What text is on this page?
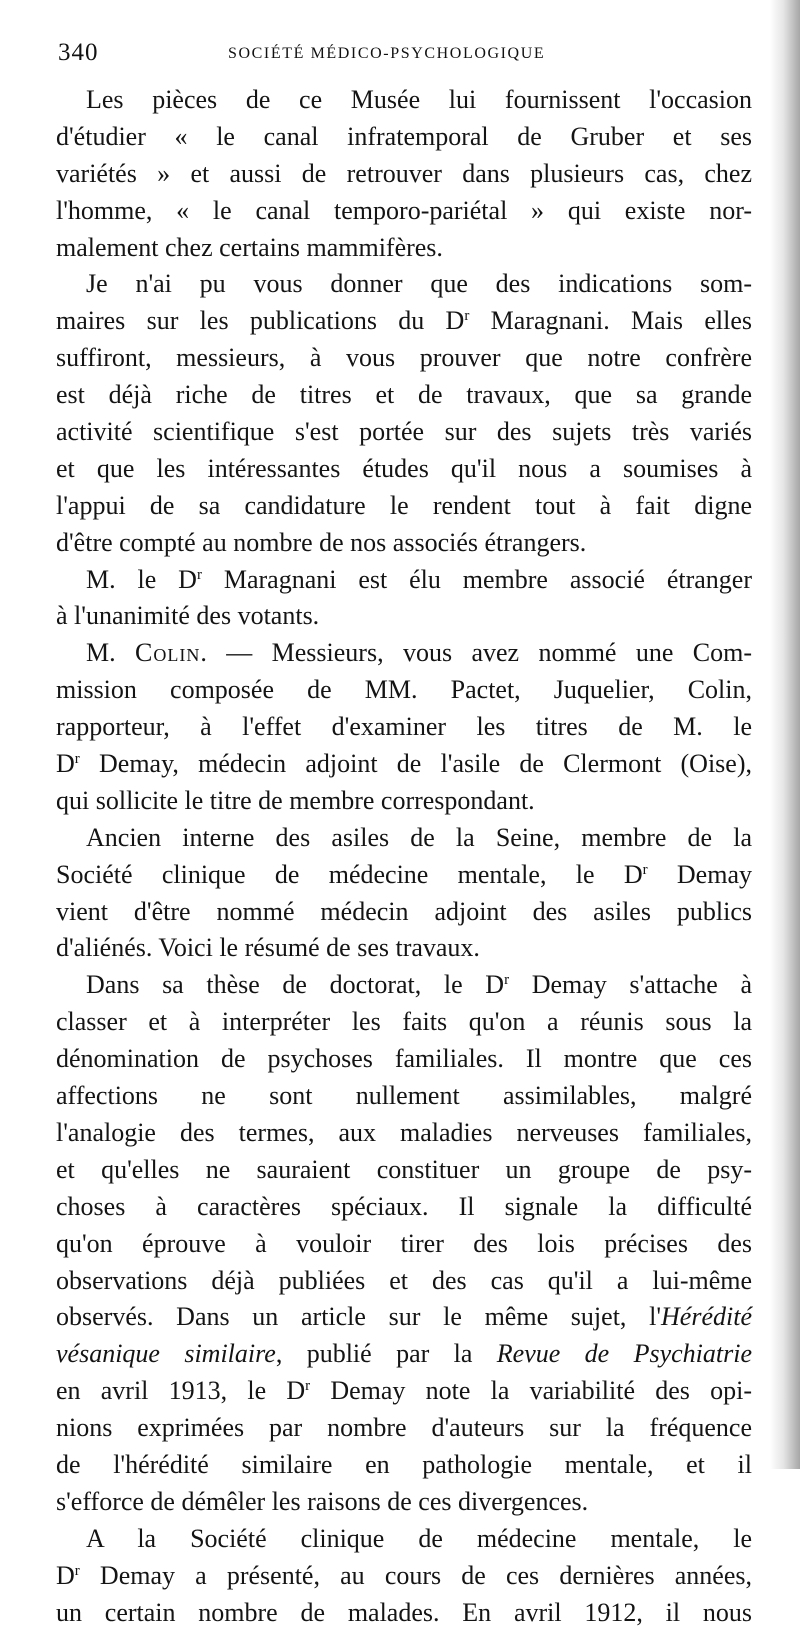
340	SOCIÉTÉ MÉDICO-PSYCHOLOGIQUE
Les pièces de ce Musée lui fournissent l'occasion
d'étudier « le canal infratemporal de Gruber et ses
variétés » et aussi de retrouver dans plusieurs cas, chez
l'homme, « le canal temporo-pariétal » qui existe nor-
malement chez certains mammifères.
Je n'ai pu vous donner que des indications som-
maires sur les publications du $D^r$ Maragnani. Mais elles
suffiront, messieurs, à vous prouver que notre confrère
est déjà riche de titres et de travaux, que sa grande
activité scientifique s'est portée sur des sujets très variés
et que les intéressantes études qu'il nous a soumises à
l'appui de sa candidature le rendent tout à fait digne
d'être compté au nombre de nos associés étrangers.
M. le $D^r$ Maragnani est élu membre associé étranger
à l'unanimité des votants.
M. Colin. — Messieurs, vous avez nommé une Com-
mission composée de MM. Pactet, Juquelier, Colin,
rapporteur, à l'effet d'examiner les titres de M. le
$D^r$ Demay, médecin adjoint de l'asile de Clermont (Oise),
qui sollicite le titre de membre correspondant.
Ancien interne des asiles de la Seine, membre de la
Société clinique de médecine mentale, le $D^r$ Demay
vient d'être nommé médecin adjoint des asiles publics
d'aliénés. Voici le résumé de ses travaux.
Dans sa thèse de doctorat, le $D^r$ Demay s'attache à
classer et à interpréter les faits qu'on a réunis sous la
dénomination de psychoses familiales. Il montre que ces
affections ne sont nullement assimilables, malgré
l'analogie des termes, aux maladies nerveuses familiales,
et qu'elles ne sauraient constituer un groupe de psy-
choses à caractères spéciaux. Il signale la difficulté
qu'on éprouve à vouloir tirer des lois précises des
observations déjà publiées et des cas qu'il a lui-même
observés. Dans un article sur le même sujet, l'Hérédité
vésanique similaire, publié par la Revue de Psychiatrie
en avril 1913, le $D^r$ Demay note la variabilité des opi-
nions exprimées par nombre d'auteurs sur la fréquence
de l'hérédité similaire en pathologie mentale, et il
s'efforce de démêler les raisons de ces divergences.
A la Société clinique de médecine mentale, le
$D^r$ Demay a présenté, au cours de ces dernières années,
un certain nombre de malades. En avril 1912, il nous
